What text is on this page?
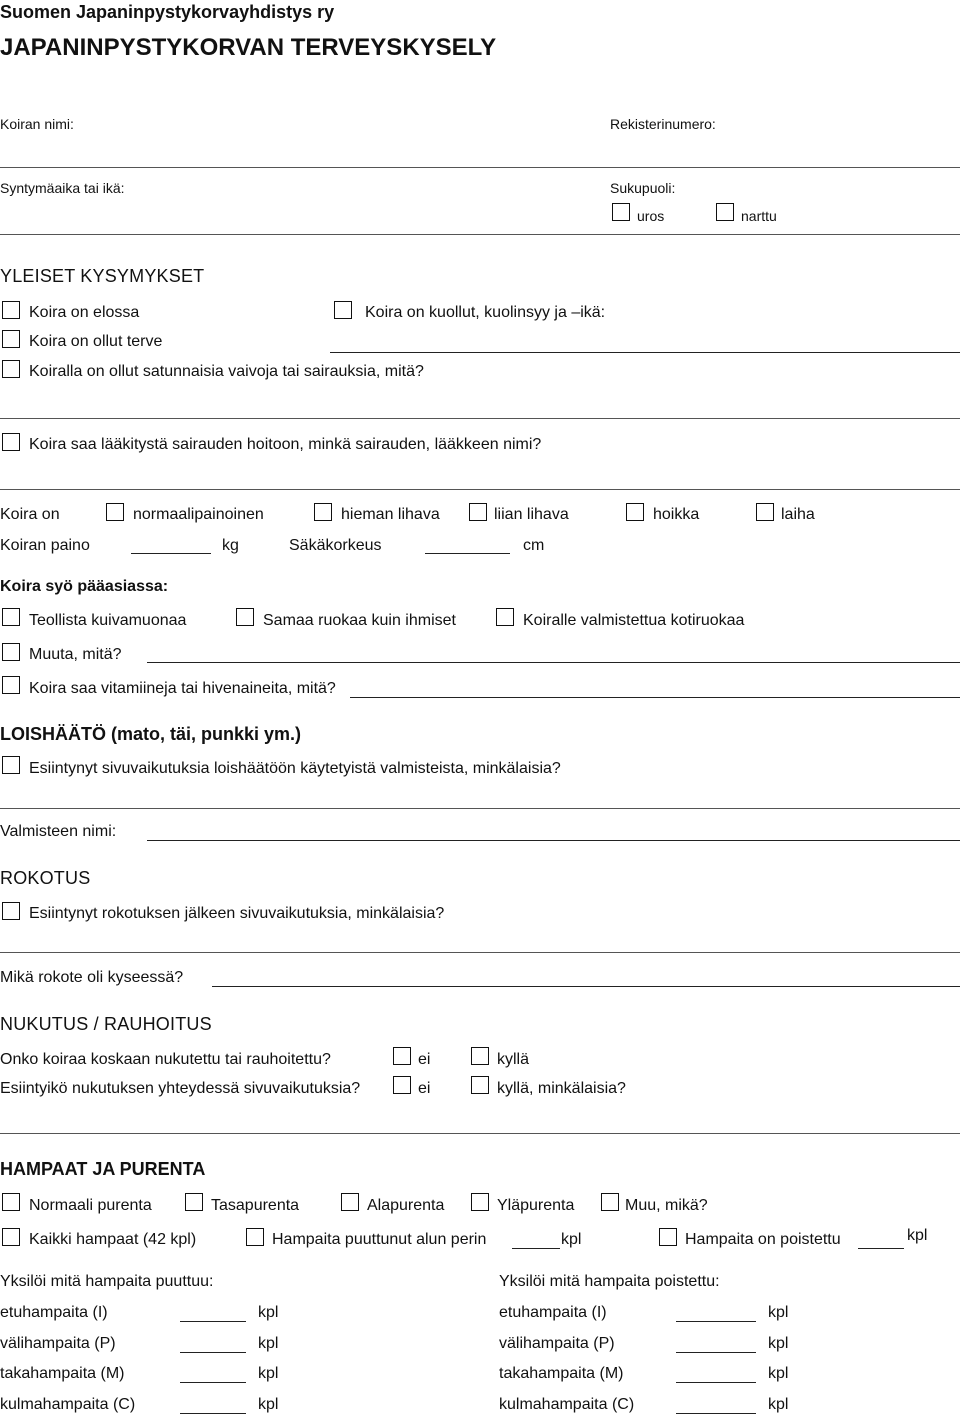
Suomen Japaninpystykorvayhdistys ry
JAPANINPYSTYKORVAN TERVEYSKYSELY
Koiran nimi:	Rekisterinumero:
Syntymäaika tai ikä:	Sukupuoli:
uros	narttu
YLEISET KYSYMYKSET
Koira on elossa	Koira on kuollut, kuolinsyy ja –ikä:
Koira on ollut terve
Koiralla on ollut satunnaisia vaivoja tai sairauksia, mitä?
Koira saa lääkitystä sairauden hoitoon, minkä sairauden, lääkkeen nimi?
Koira on	normaalipainoinen	hieman lihava	liian lihava	hoikka	laiha
Koiran paino	kg	Säkäkorkeus	cm
Koira syö pääasiassa:
Teollista kuivamuonaa	Samaa ruokaa kuin ihmiset	Koiralle valmistettua kotiruokaa
Muuta, mitä?
Koira saa vitamiineja tai hivenaineita, mitä?
LOISHÄÄTÖ (mato, täi, punkki ym.)
Esiintynyt sivuvaikutuksia loishäätöön käytetyistä valmisteista, minkälaisia?
Valmisteen nimi:
ROKOTUS
Esiintynyt rokotuksen jälkeen sivuvaikutuksia, minkälaisia?
Mikä rokote oli kyseessä?
NUKUTUS / RAUHOITUS
Onko koiraa koskaan nukutettu tai rauhoitettu?	ei	kyllä
Esiintyikö nukutuksen yhteydessä sivuvaikutuksia?	ei	kyllä, minkälaisia?
HAMPAAT JA PURENTA
Normaali purenta	Tasapurenta	Alapurenta	Yläpurenta	Muu, mikä?
Kaikki hampaat (42 kpl)	Hampaita puuttunut alun perin	kpl	Hampaita on poistettu	kpl
Yksilöi mitä hampaita puuttuu:	Yksilöi mitä hampaita poistettu:
etuhampaita (I)	kpl	etuhampaita (I)	kpl
välihampaita (P)	kpl	välihampaita (P)	kpl
takahampaita (M)	kpl	takahampaita (M)	kpl
kulmahampaita (C)	kpl	kulmahampaita (C)	kpl
